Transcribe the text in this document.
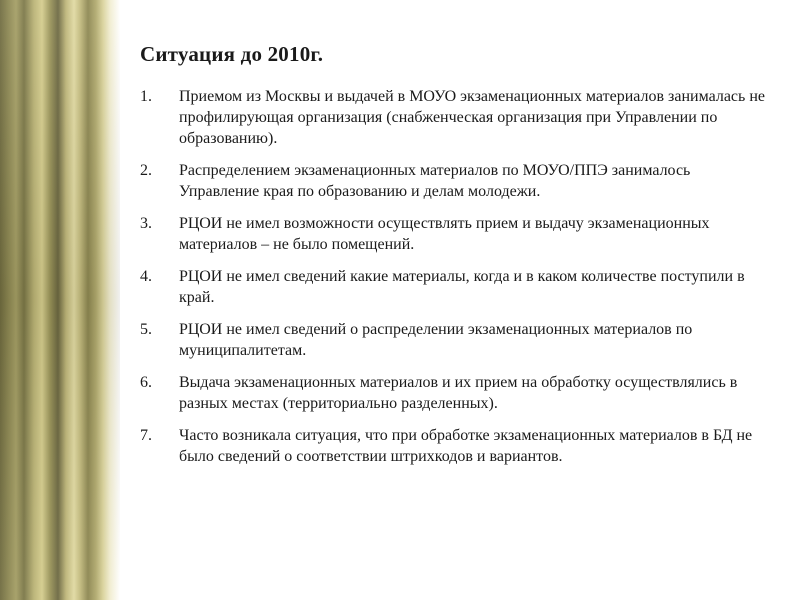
Ситуация до 2010г.
1.	Приемом из Москвы и выдачей в МОУО экзаменационных материалов занималась не профилирующая организация (снабженческая организация при Управлении по образованию).
2.	Распределением экзаменационных материалов по МОУО/ППЭ занималось Управление края по образованию и делам молодежи.
3.	РЦОИ не имел возможности осуществлять прием и выдачу экзаменационных материалов – не было помещений.
4.	РЦОИ не имел сведений какие материалы, когда и в каком количестве поступили в край.
5.	РЦОИ не имел сведений о распределении экзаменационных материалов по муниципалитетам.
6.	Выдача экзаменационных материалов и их прием на обработку осуществлялись в разных местах (территориально разделенных).
7.	Часто возникала ситуация, что при обработке экзаменационных материалов в БД не было сведений о соответствии штрихкодов и вариантов.
